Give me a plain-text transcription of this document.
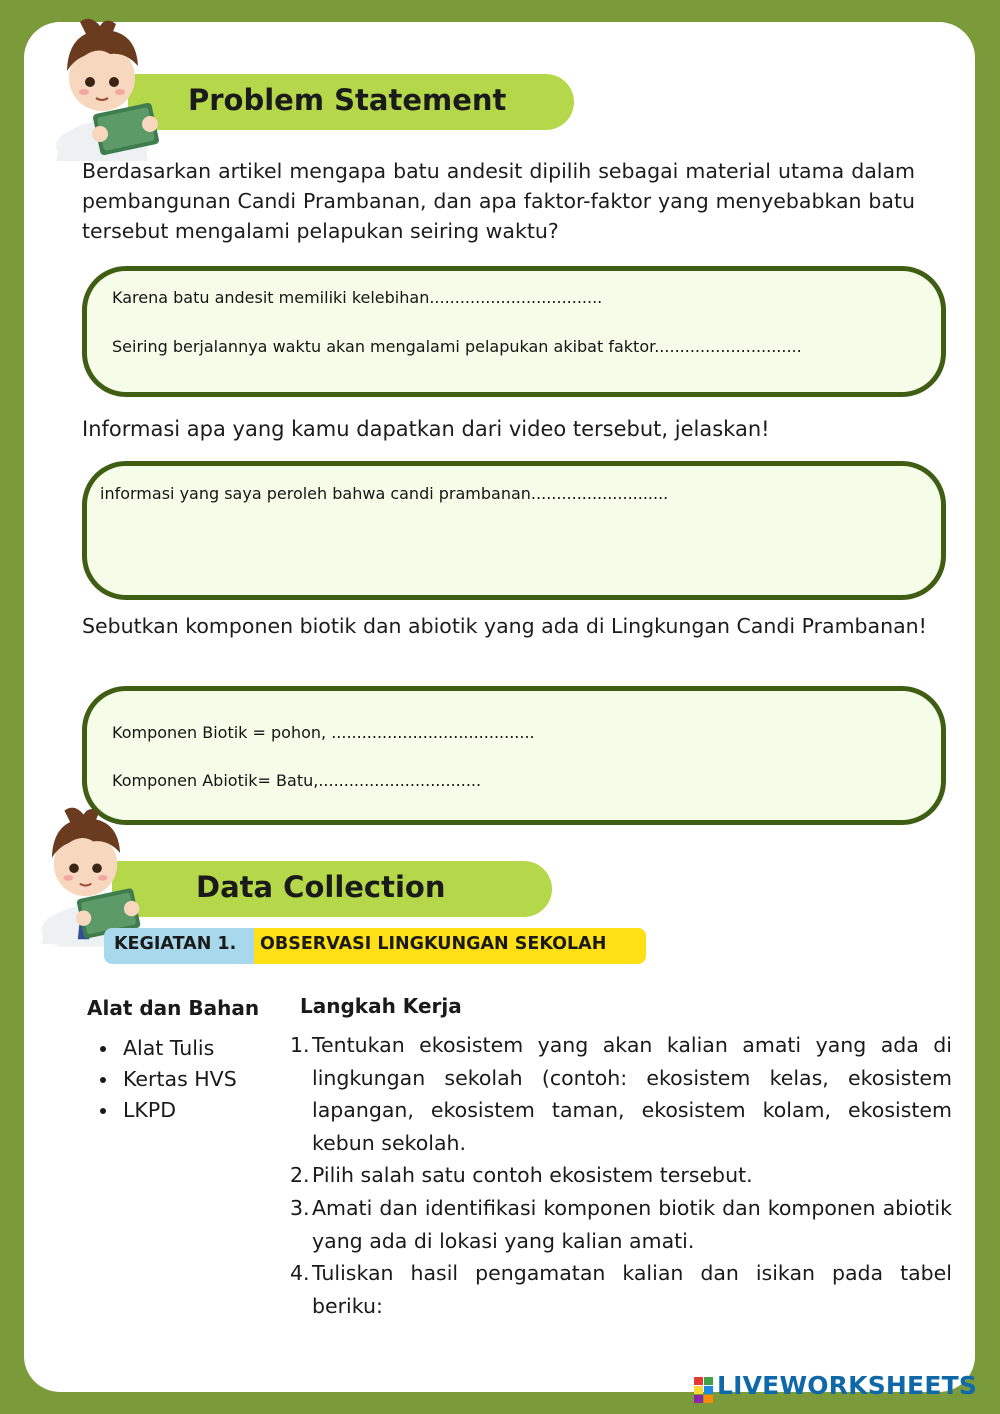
Problem Statement
Berdasarkan artikel mengapa batu andesit dipilih sebagai material utama dalam pembangunan Candi Prambanan, dan apa faktor-faktor yang menyebabkan batu tersebut mengalami pelapukan seiring waktu?
Karena batu andesit memiliki kelebihan..................................
Seiring berjalannya waktu akan mengalami pelapukan akibat faktor.............................
Informasi apa yang kamu dapatkan dari video tersebut, jelaskan!
informasi yang saya peroleh bahwa candi prambanan...........................
Sebutkan komponen biotik dan abiotik yang ada di Lingkungan Candi Prambanan!
Komponen Biotik = pohon, ........................................
Komponen Abiotik= Batu,................................
Data Collection
KEGIATAN 1. OBSERVASI LINGKUNGAN SEKOLAH
Alat dan Bahan Langkah Kerja
Alat Tulis
Kertas HVS
LKPD
1. Tentukan ekosistem yang akan kalian amati yang ada di lingkungan sekolah (contoh: ekosistem kelas, ekosistem lapangan, ekosistem taman, ekosistem kolam, ekosistem kebun sekolah.
2. Pilih salah satu contoh ekosistem tersebut.
3. Amati dan identifikasi komponen biotik dan komponen abiotik yang ada di lokasi yang kalian amati.
4. Tuliskan hasil pengamatan kalian dan isikan pada tabel beriku:
LIVEWORKSHEETS
